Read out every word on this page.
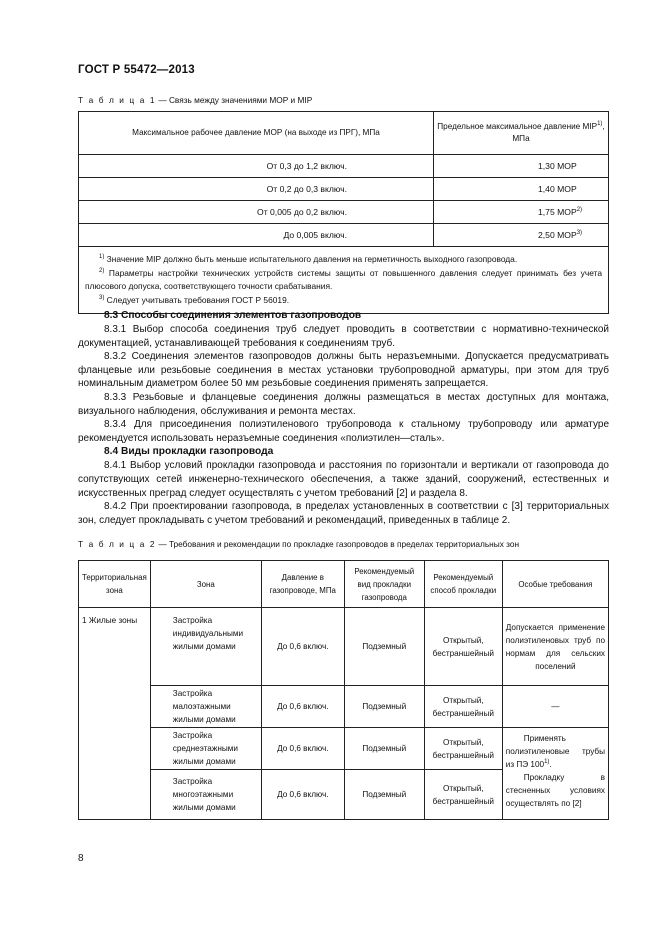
ГОСТ Р 55472—2013
Т а б л и ц а 1 — Связь между значениями МОР и МIР
Максимальное рабочее давление МОР (на выходе из ПРГ), МПа	Предельное максимальное давление МIР$^{1)}$, МПа
От 0,3 до 1,2 включ.	1,30 МОР
От 0,2 до 0,3 включ.	1,40 МОР
От 0,005 до 0,2 включ.	1,75 МОР$^{2)}$
До 0,005 включ.	2,50 МОР$^{3)}$

$^{1)}$ Значение МIР должно быть меньше испытательного давления на герметичность выходного газопровода.
$^{2)}$ Параметры настройки технических устройств системы защиты от повышенного давления следует принимать без учета плюсового допуска, соответствующего точности срабатывания.
$^{3)}$ Следует учитывать требования ГОСТ Р 56019.	
8.3 Способы соединения элементов газопроводов

8.3.1 Выбор способа соединения труб следует проводить в соответствии с нормативно-технической документацией, устанавливающей требования к соединениям труб.

8.3.2 Соединения элементов газопроводов должны быть неразъемными. Допускается предусматривать фланцевые или резьбовые соединения в местах установки трубопроводной арматуры, при этом для труб номинальным диаметром более 50 мм резьбовые соединения применять запрещается.

8.3.3 Резьбовые и фланцевые соединения должны размещаться в местах доступных для монтажа, визуального наблюдения, обслуживания и ремонта местах.

8.3.4 Для присоединения полиэтиленового трубопровода к стальному трубопроводу или арматуре рекомендуется использовать неразъемные соединения «полиэтилен—сталь».

8.4 Виды прокладки газопровода

8.4.1 Выбор условий прокладки газопровода и расстояния по горизонтали и вертикали от газопровода до сопутствующих сетей инженерно-технического обеспечения, а также зданий, сооружений, естественных и искусственных преград следует осуществлять с учетом требований [2] и раздела 8.

8.4.2 При проектировании газопровода, в пределах установленных в соответствии с [3] территориальных зон, следует прокладывать с учетом требований и рекомендаций, приведенных в таблице 2.

Т а б л и ц а 2 — Требования и рекомендации по прокладке газопроводов в пределах территориальных зон
Территориальная зона	Зона	Давление в газопроводе, МПа	Рекомендуемый вид прокладки газопровода	Рекомендуемый способ прокладки	Особые требования
1 Жилые зоны	Застройка индивидуальными жилыми домами	До 0,6 включ.	Подземный	Открытый, бестраншейный	Допускается применение полиэтиленовых труб по нормам для сельских поселений
	Застройка малоэтажными жилыми домами	До 0,6 включ.	Подземный	Открытый, бестраншейный	—
	Застройка среднеэтажными жилыми домами	До 0,6 включ.	Подземный	Открытый, бестраншейный	Применять полиэтиленовые трубы из ПЭ 100$^{1)}$.
Прокладку в стесненных условиях осуществлять по [2]

	Застройка многоэтажными жилыми домами	До 0,6 включ.	Подземный	Открытый, бестраншейный	
8
